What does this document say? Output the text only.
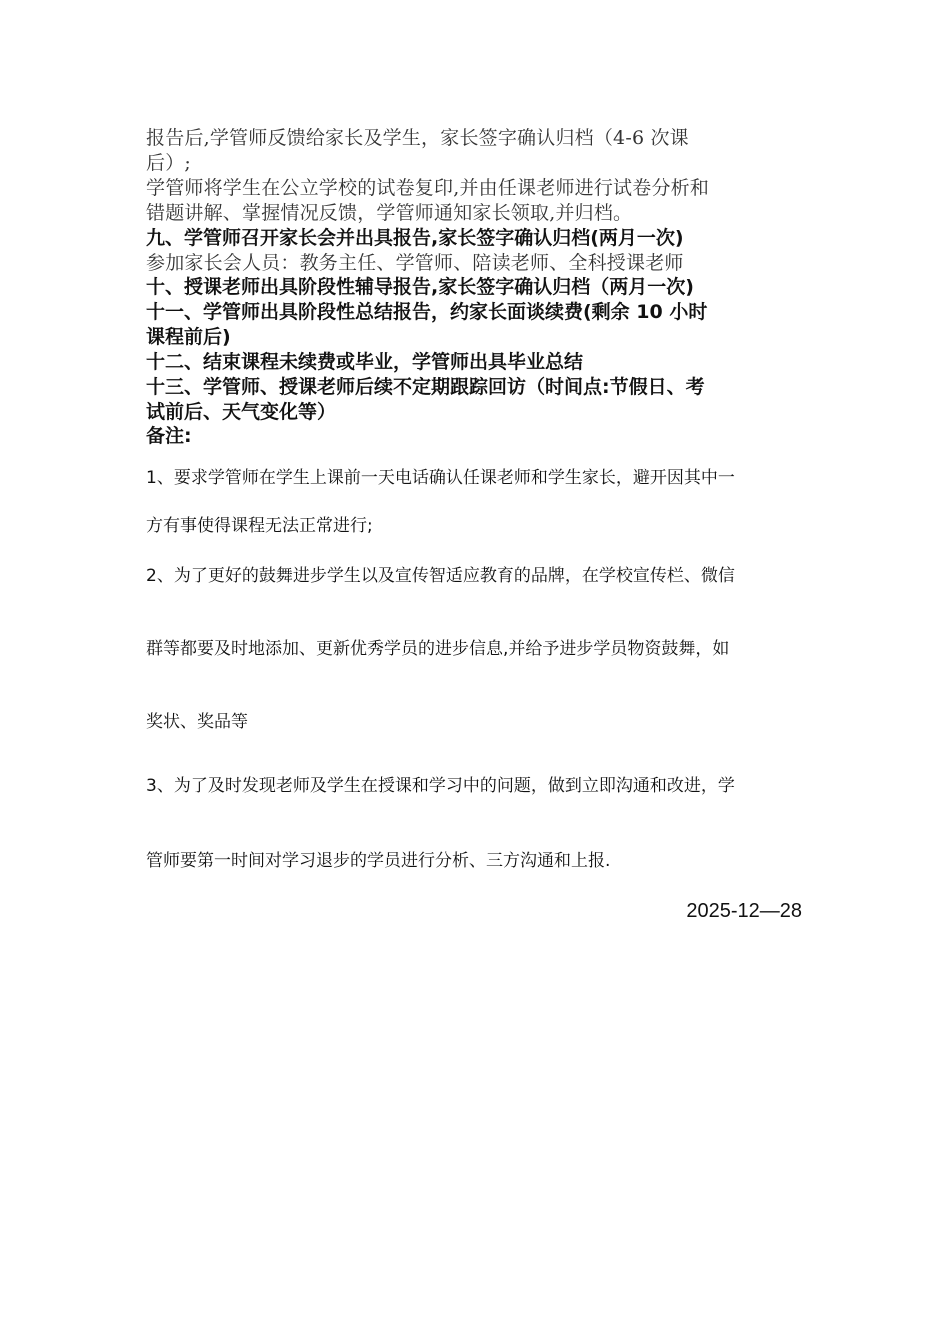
报告后,学管师反馈给家长及学生，家长签字确认归档（4-6 次课
后）;
学管师将学生在公立学校的试卷复印,并由任课老师进行试卷分析和
错题讲解、掌握情况反馈，学管师通知家长领取,并归档。
九、学管师召开家长会并出具报告,家长签字确认归档(两月一次)
参加家长会人员：教务主任、学管师、陪读老师、全科授课老师
十、授课老师出具阶段性辅导报告,家长签字确认归档（两月一次)
十一、学管师出具阶段性总结报告，约家长面谈续费(剩余 10 小时
课程前后)
十二、结束课程未续费或毕业，学管师出具毕业总结
十三、学管师、授课老师后续不定期跟踪回访（时间点:节假日、考
试前后、天气变化等）
备注:
1、要求学管师在学生上课前一天电话确认任课老师和学生家长，避开因其中一
方有事使得课程无法正常进行;
2、为了更好的鼓舞进步学生以及宣传智适应教育的品牌，在学校宣传栏、微信
群等都要及时地添加、更新优秀学员的进步信息,并给予进步学员物资鼓舞，如
奖状、奖品等
3、为了及时发现老师及学生在授课和学习中的问题，做到立即沟通和改进，学
管师要第一时间对学习退步的学员进行分析、三方沟通和上报.
2025-12—28
